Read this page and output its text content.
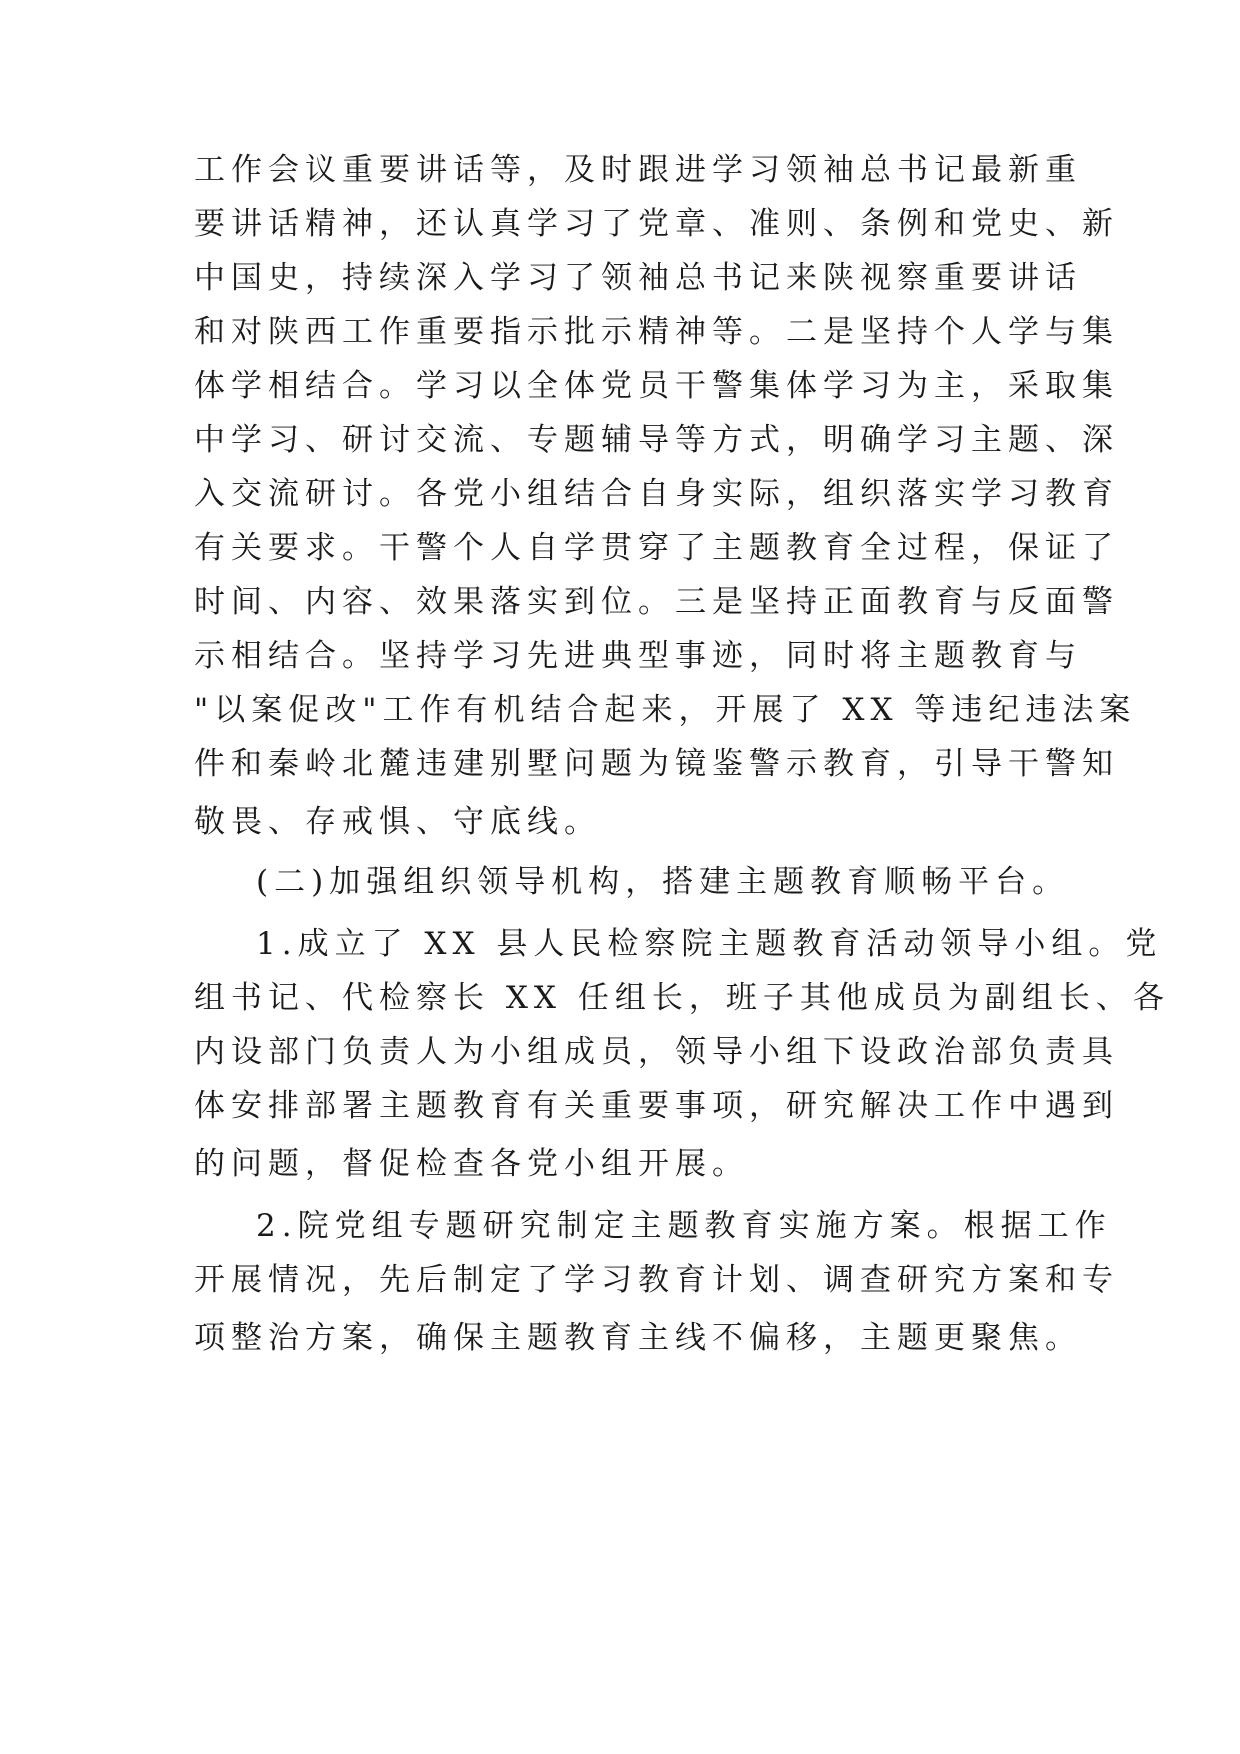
工作会议重要讲话等，及时跟进学习领袖总书记最新重
要讲话精神，还认真学习了党章、准则、条例和党史、新
中国史，持续深入学习了领袖总书记来陕视察重要讲话
和对陕西工作重要指示批示精神等。二是坚持个人学与集
体学相结合。学习以全体党员干警集体学习为主，采取集
中学习、研讨交流、专题辅导等方式，明确学习主题、深
入交流研讨。各党小组结合自身实际，组织落实学习教育
有关要求。干警个人自学贯穿了主题教育全过程，保证了
时间、内容、效果落实到位。三是坚持正面教育与反面警
示相结合。坚持学习先进典型事迹，同时将主题教育与
"以案促改"工作有机结合起来，开展了 XX 等违纪违法案
件和秦岭北麓违建别墅问题为镜鉴警示教育，引导干警知
敬畏、存戒惧、守底线。
(二)加强组织领导机构，搭建主题教育顺畅平台。
1.成立了 XX 县人民检察院主题教育活动领导小组。党
组书记、代检察长 XX 任组长，班子其他成员为副组长、各
内设部门负责人为小组成员，领导小组下设政治部负责具
体安排部署主题教育有关重要事项，研究解决工作中遇到
的问题，督促检查各党小组开展。
2.院党组专题研究制定主题教育实施方案。根据工作
开展情况，先后制定了学习教育计划、调查研究方案和专
项整治方案，确保主题教育主线不偏移，主题更聚焦。
